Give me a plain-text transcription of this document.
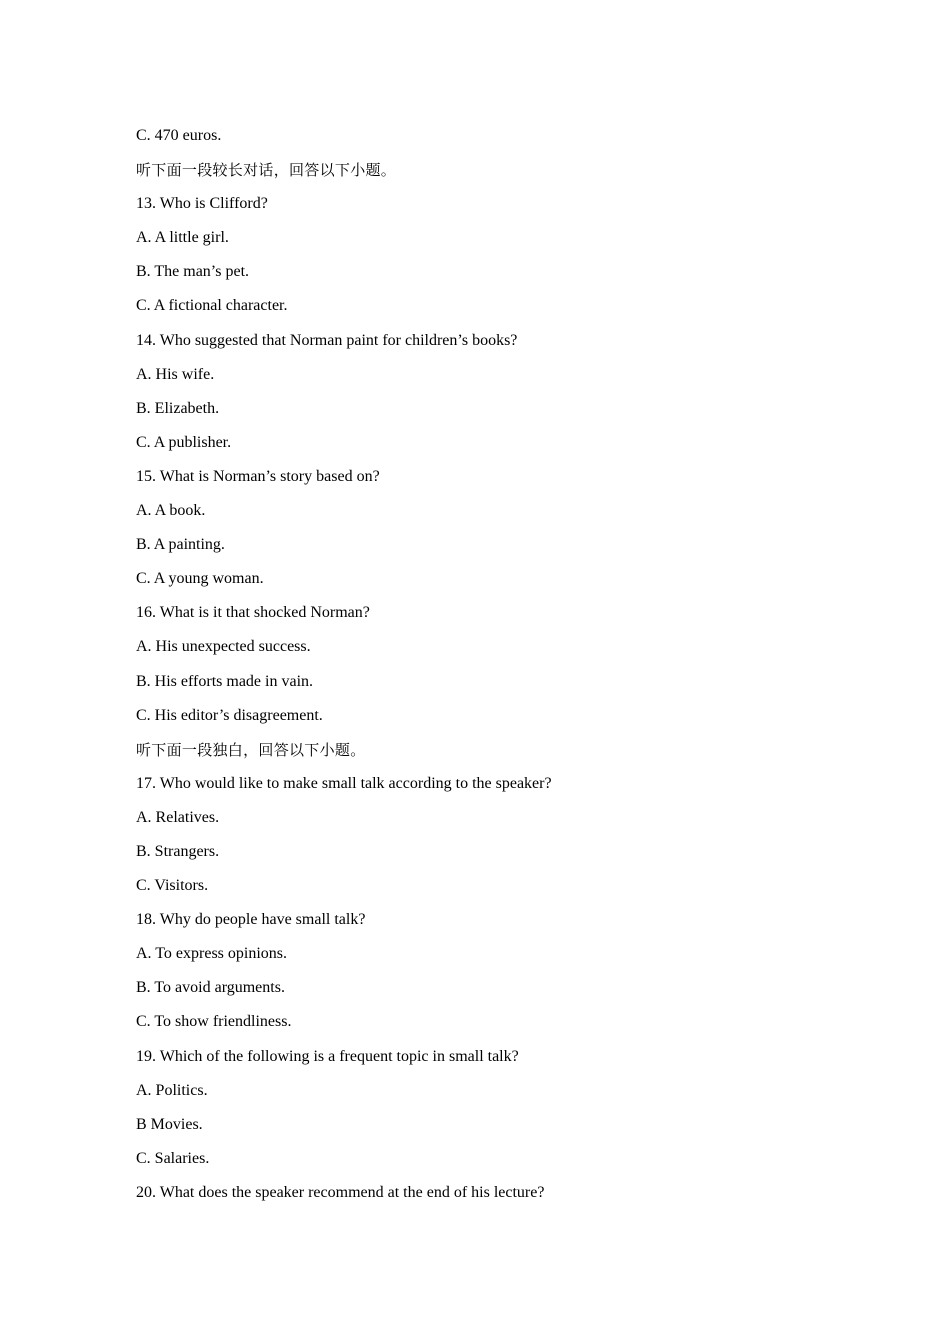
C. 470 euros.
听下面一段较长对话，回答以下小题。
13. Who is Clifford?
A. A little girl.
B. The man’s pet.
C. A fictional character.
14. Who suggested that Norman paint for children’s books?
A. His wife.
B. Elizabeth.
C. A publisher.
15. What is Norman’s story based on?
A. A book.
B. A painting.
C. A young woman.
16. What is it that shocked Norman?
A. His unexpected success.
B. His efforts made in vain.
C. His editor’s disagreement.
听下面一段独白，回答以下小题。
17. Who would like to make small talk according to the speaker?
A. Relatives.
B. Strangers.
C. Visitors.
18. Why do people have small talk?
A. To express opinions.
B. To avoid arguments.
C. To show friendliness.
19. Which of the following is a frequent topic in small talk?
A. Politics.
B Movies.
C. Salaries.
20. What does the speaker recommend at the end of his lecture?
